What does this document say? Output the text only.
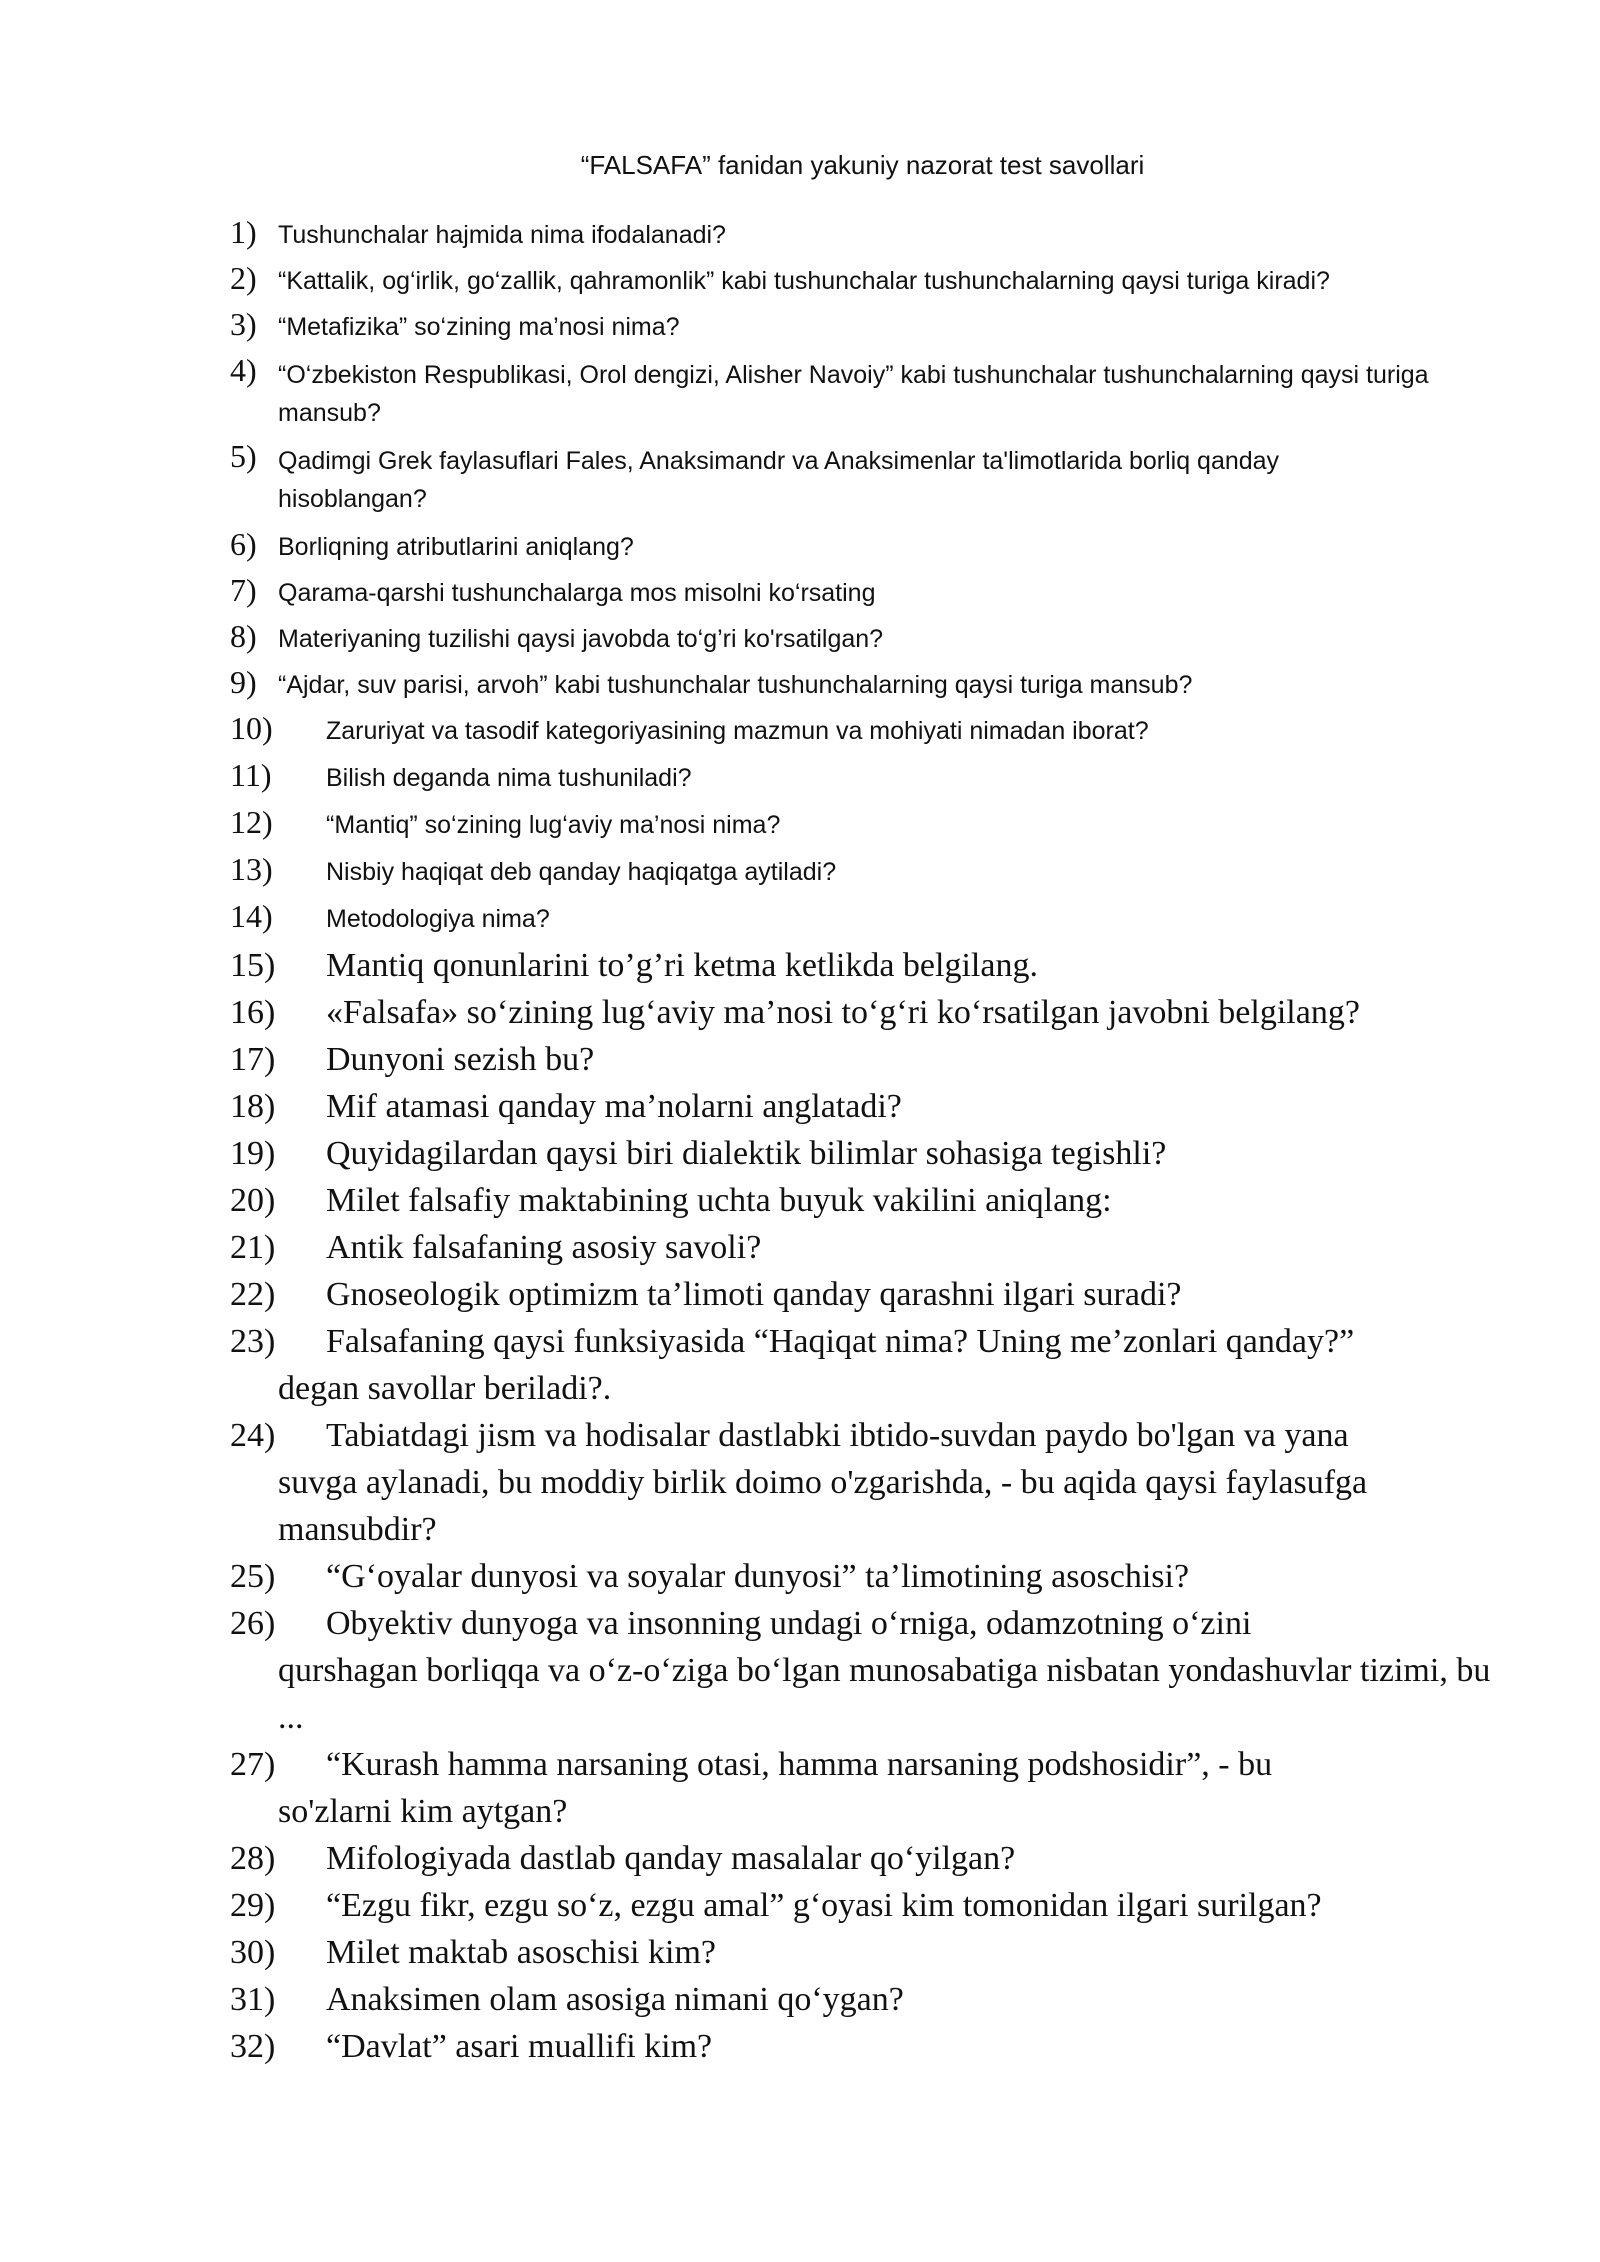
“FALSAFA” fanidan yakuniy nazorat test savollari
1) Tushunchalar hajmida nima ifodalanadi?
2) “Kattalik, og‘irlik, go‘zallik, qahramonlik” kabi tushunchalar tushunchalarning qaysi turiga kiradi?
3) “Metafizika” so‘zining ma’nosi nima?
4) “O‘zbekiston Respublikasi, Orol dengizi, Alisher Navoiy” kabi tushunchalar tushunchalarning qaysi turiga mansub?
5) Qadimgi Grek faylasuflari Fales, Anaksimandr va Anaksimenlar ta'limotlarida borliq qanday hisoblangan?
6) Borliqning atributlarini aniqlang?
7) Qarama-qarshi tushunchalarga mos misolni ko‘rsating
8) Materiyaning tuzilishi qaysi javobda to‘g’ri ko'rsatilgan?
9) “Ajdar, suv parisi, arvoh” kabi tushunchalar tushunchalarning qaysi turiga mansub?
10) Zaruriyat va tasodif kategoriyasining mazmun va mohiyati nimadan iborat?
11) Bilish deganda nima tushuniladi?
12) “Mantiq” so‘zining lug‘aviy ma’nosi nima?
13) Nisbiy haqiqat deb qanday haqiqatga aytiladi?
14) Metodologiya nima?
15) Mantiq qonunlarini to’g’ri ketma ketlikda belgilang.
16) «Falsafa» so‘zining lug‘aviy ma’nosi to‘g‘ri ko‘rsatilgan javobni belgilang?
17) Dunyoni sezish bu?
18) Mif atamasi qanday ma’nolarni anglatadi?
19) Quyidagilardan qaysi biri dialektik bilimlar sohasiga tegishli?
20) Milet falsafiy maktabining uchta buyuk vakilini aniqlang:
21) Antik falsafaning asosiy savoli?
22) Gnoseologik optimizm ta’limoti qanday qarashni ilgari suradi?
23) Falsafaning qaysi funksiyasida “Haqiqat nima? Uning me’zonlari qanday?”
degan savollar beriladi?.
24) Tabiatdagi jism va hodisalar dastlabki ibtido-suvdan paydo bo'lgan va yana
suvga aylanadi, bu moddiy birlik doimo o'zgarishda, - bu aqida qaysi faylasufga mansubdir?
25) “G‘oyalar dunyosi va soyalar dunyosi” ta’limotining asoschisi?
26) Obyektiv dunyoga va insonning undagi o‘rniga, odamzotning o‘zini
qurshagan borliqqa va o‘z-o‘ziga bo‘lgan munosabatiga nisbatan yondashuvlar tizimi, bu ...
27) “Kurash hamma narsaning otasi, hamma narsaning podshosidir”, - bu
so'zlarni kim aytgan?
28) Mifologiyada dastlab qanday masalalar qo‘yilgan?
29) “Ezgu fikr, ezgu so‘z, ezgu amal” g‘oyasi kim tomonidan ilgari surilgan?
30) Milet maktab asoschisi kim?
31) Anaksimen olam asosiga nimani qo‘ygan?
32) “Davlat” asari muallifi kim?
